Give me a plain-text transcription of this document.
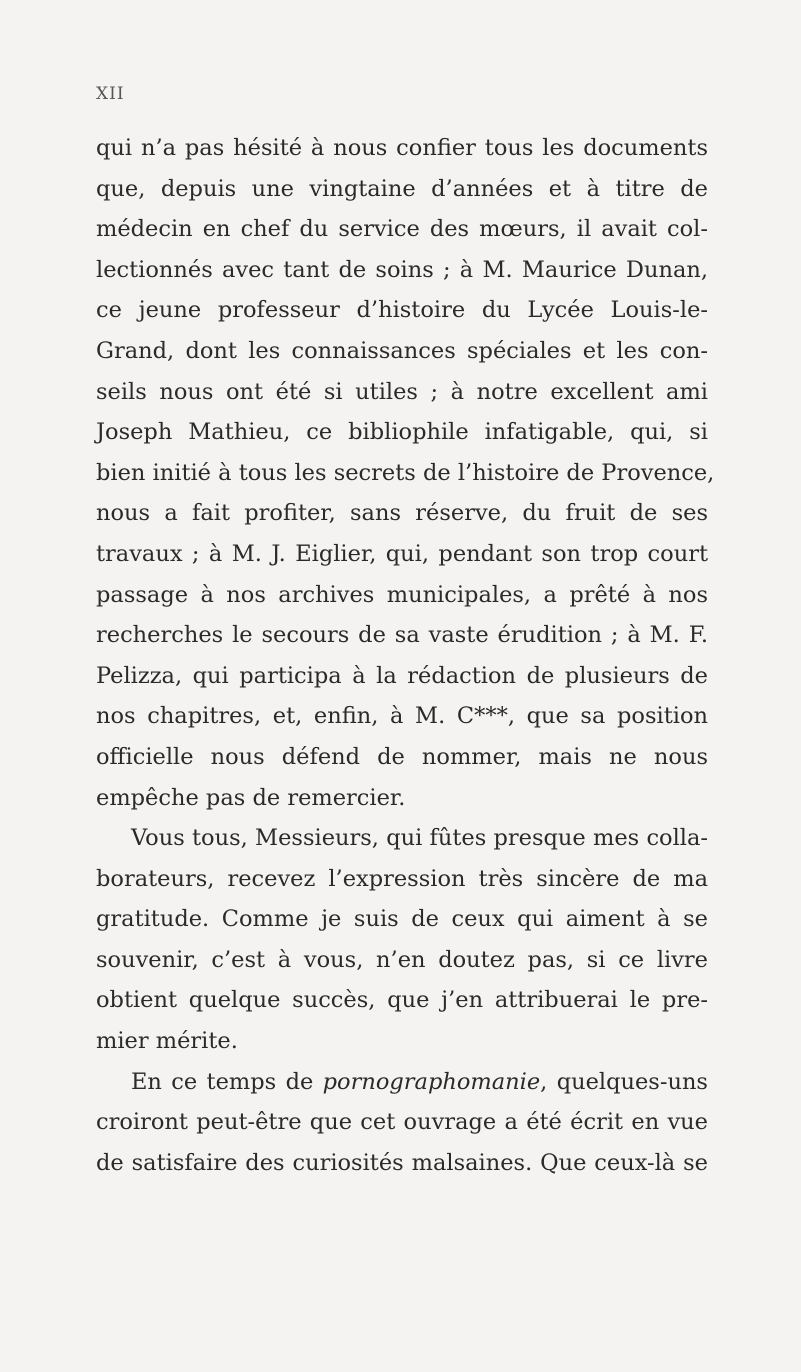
XII

qui n’a pas hésité à nous confier tous les documents
que, depuis une vingtaine d’années et à titre de
médecin en chef du service des mœurs, il avait col-
lectionnés avec tant de soins ; à M. Maurice Dunan,
ce jeune professeur d’histoire du Lycée Louis-le-
Grand, dont les connaissances spéciales et les con-
seils nous ont été si utiles ; à notre excellent ami
Joseph Mathieu, ce bibliophile infatigable, qui, si
bien initié à tous les secrets de l’histoire de Provence,
nous a fait profiter, sans réserve, du fruit de ses
travaux ; à M. J. Eiglier, qui, pendant son trop court
passage à nos archives municipales, a prêté à nos
recherches le secours de sa vaste érudition ; à M. F.
Pelizza, qui participa à la rédaction de plusieurs de
nos chapitres, et, enfin, à M. C***, que sa position
officielle nous défend de nommer, mais ne nous
empêche pas de remercier.

Vous tous, Messieurs, qui fûtes presque mes colla-
borateurs, recevez l’expression très sincère de ma
gratitude. Comme je suis de ceux qui aiment à se
souvenir, c’est à vous, n’en doutez pas, si ce livre
obtient quelque succès, que j’en attribuerai le pre-
mier mérite.

En ce temps de pornographomanie, quelques-uns
croiront peut-être que cet ouvrage a été écrit en vue
de satisfaire des curiosités malsaines. Que ceux-là se
